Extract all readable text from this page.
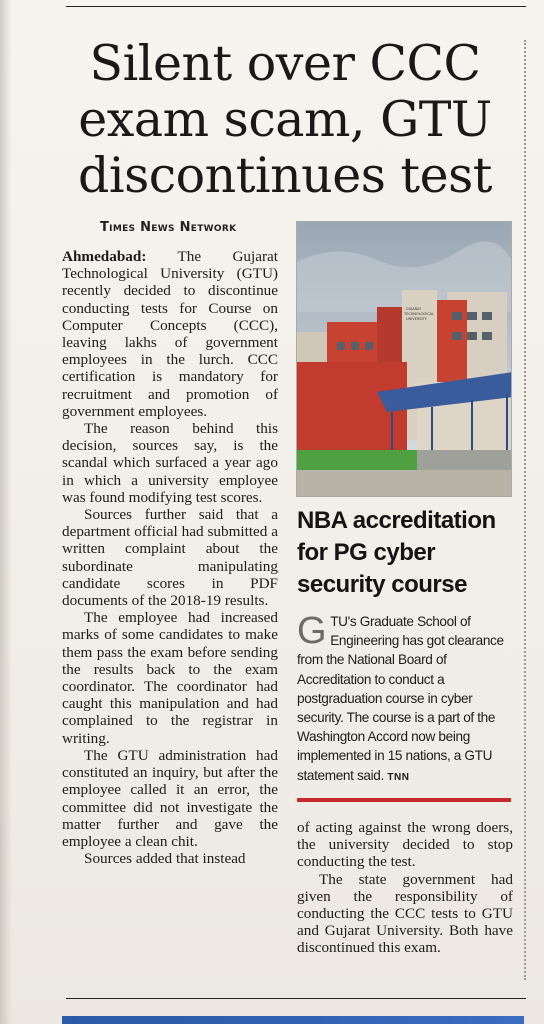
Silent over CCC exam scam, GTU discontinues test
Times News Network

Ahmedabad: The Gujarat Technological University (GTU) recently decided to discontinue conducting tests for Course on Computer Concepts (CCC), leaving lakhs of government employees in the lurch. CCC certification is mandatory for recruitment and promotion of government employees.

The reason behind this decision, sources say, is the scandal which surfaced a year ago in which a university employee was found modifying test scores.

Sources further said that a department official had submitted a written complaint about the subordinate manipulating candidate scores in PDF documents of the 2018-19 results.

The employee had increased marks of some candidates to make them pass the exam before sending the results back to the exam coordinator. The coordinator had caught this manipulation and had complained to the registrar in writing.

The GTU administration had constituted an inquiry, but after the employee called it an error, the committee did not investigate the matter further and gave the employee a clean chit.

Sources added that instead

GUJARAT TECHNOLOGICAL UNIVERSITY
NBA accreditation for PG cyber security course

GTU's Graduate School of Engineering has got clearance from the National Board of Accreditation to conduct a postgraduation course in cyber security. The course is a part of the Washington Accord now being implemented in 15 nations, a GTU statement said. TNN

of acting against the wrong doers, the university decided to stop conducting the test.

The state government had given the responsibility of conducting the CCC tests to GTU and Gujarat University. Both have discontinued this exam.
